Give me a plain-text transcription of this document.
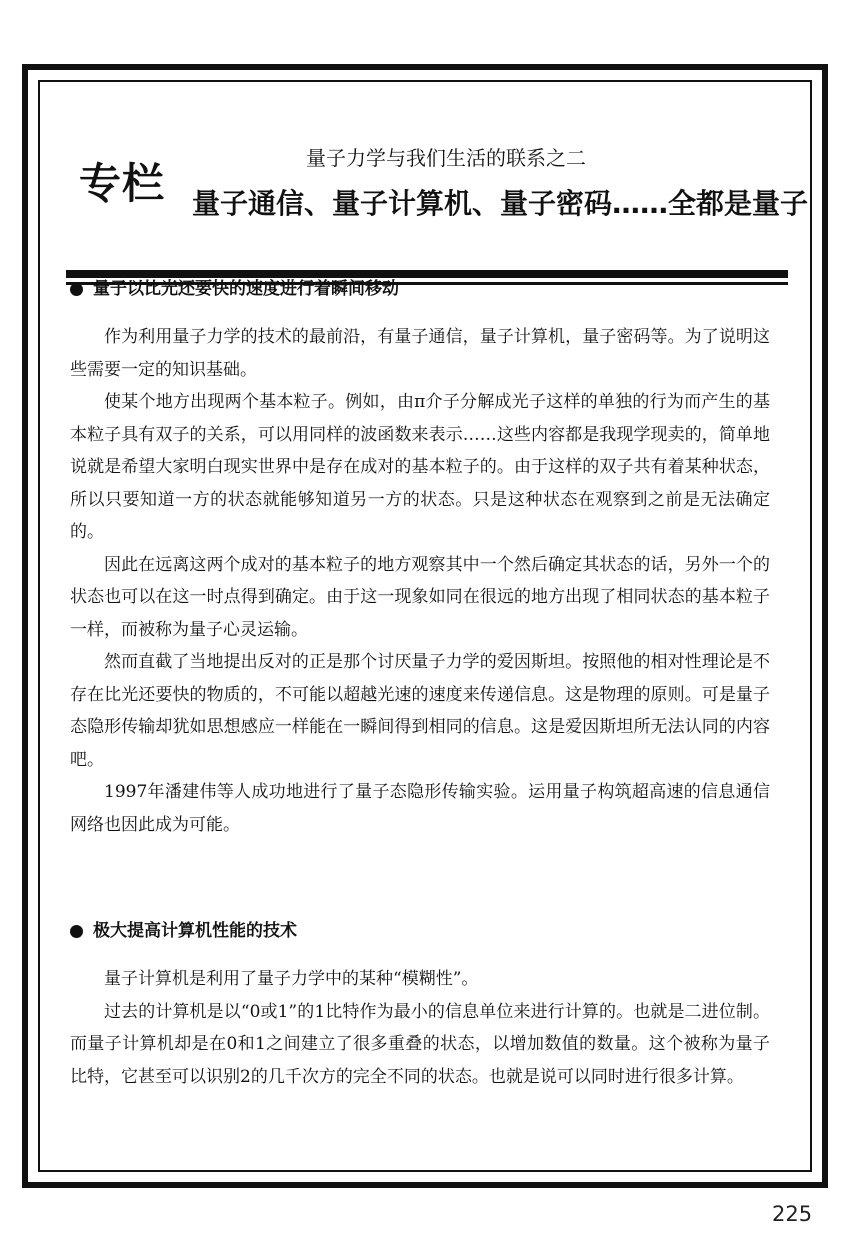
专栏
量子力学与我们生活的联系之二
量子通信、量子计算机、量子密码……全都是量子
量子以比光还要快的速度进行着瞬间移动

作为利用量子力学的技术的最前沿，有量子通信，量子计算机，量子密码等。为了说明这些需要一定的知识基础。

使某个地方出现两个基本粒子。例如，由π介子分解成光子这样的单独的行为而产生的基本粒子具有双子的关系，可以用同样的波函数来表示……这些内容都是我现学现卖的，简单地说就是希望大家明白现实世界中是存在成对的基本粒子的。由于这样的双子共有着某种状态，所以只要知道一方的状态就能够知道另一方的状态。只是这种状态在观察到之前是无法确定的。

因此在远离这两个成对的基本粒子的地方观察其中一个然后确定其状态的话，另外一个的状态也可以在这一时点得到确定。由于这一现象如同在很远的地方出现了相同状态的基本粒子一样，而被称为量子心灵运输。

然而直截了当地提出反对的正是那个讨厌量子力学的爱因斯坦。按照他的相对性理论是不存在比光还要快的物质的，不可能以超越光速的速度来传递信息。这是物理的原则。可是量子态隐形传输却犹如思想感应一样能在一瞬间得到相同的信息。这是爱因斯坦所无法认同的内容吧。

1997年潘建伟等人成功地进行了量子态隐形传输实验。运用量子构筑超高速的信息通信网络也因此成为可能。

极大提高计算机性能的技术

量子计算机是利用了量子力学中的某种“模糊性”。

过去的计算机是以“0或1”的1比特作为最小的信息单位来进行计算的。也就是二进位制。而量子计算机却是在0和1之间建立了很多重叠的状态，以增加数值的数量。这个被称为量子比特，它甚至可以识别2的几千次方的完全不同的状态。也就是说可以同时进行很多计算。

225
